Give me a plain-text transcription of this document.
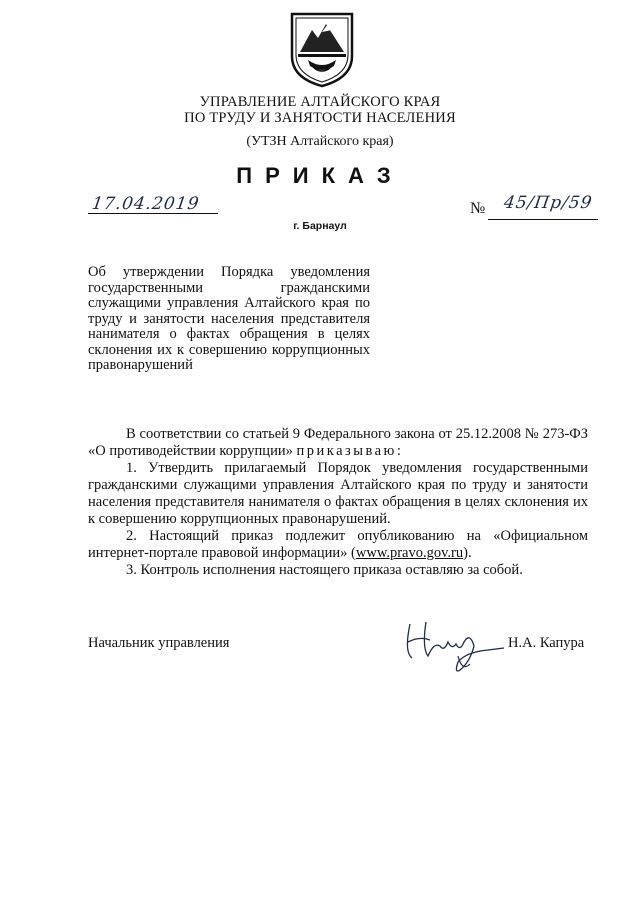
УПРАВЛЕНИЕ АЛТАЙСКОГО КРАЯ
ПО ТРУДУ И ЗАНЯТОСТИ НАСЕЛЕНИЯ
(УТЗН Алтайского края)
ПРИКАЗ
17.04.2019	№ 45/Пр/59
г. Барнаул
Об утверждении Порядка уведомления государственными гражданскими служащими управления Алтайского края по труду и занятости населения представителя нанимателя о фактах обращения в целях склонения их к совершению коррупционных правонарушений

В соответствии со статьей 9 Федерального закона от 25.12.2008 № 273-ФЗ «О противодействии коррупции» приказываю:

1. Утвердить прилагаемый Порядок уведомления государственными гражданскими служащими управления Алтайского края по труду и занятости населения представителя нанимателя о фактах обращения в целях склонения их к совершению коррупционных правонарушений.

2. Настоящий приказ подлежит опубликованию на «Официальном интернет-портале правовой информации» (www.pravo.gov.ru).

3. Контроль исполнения настоящего приказа оставляю за собой.

Начальник управления	Н.А. Капура
